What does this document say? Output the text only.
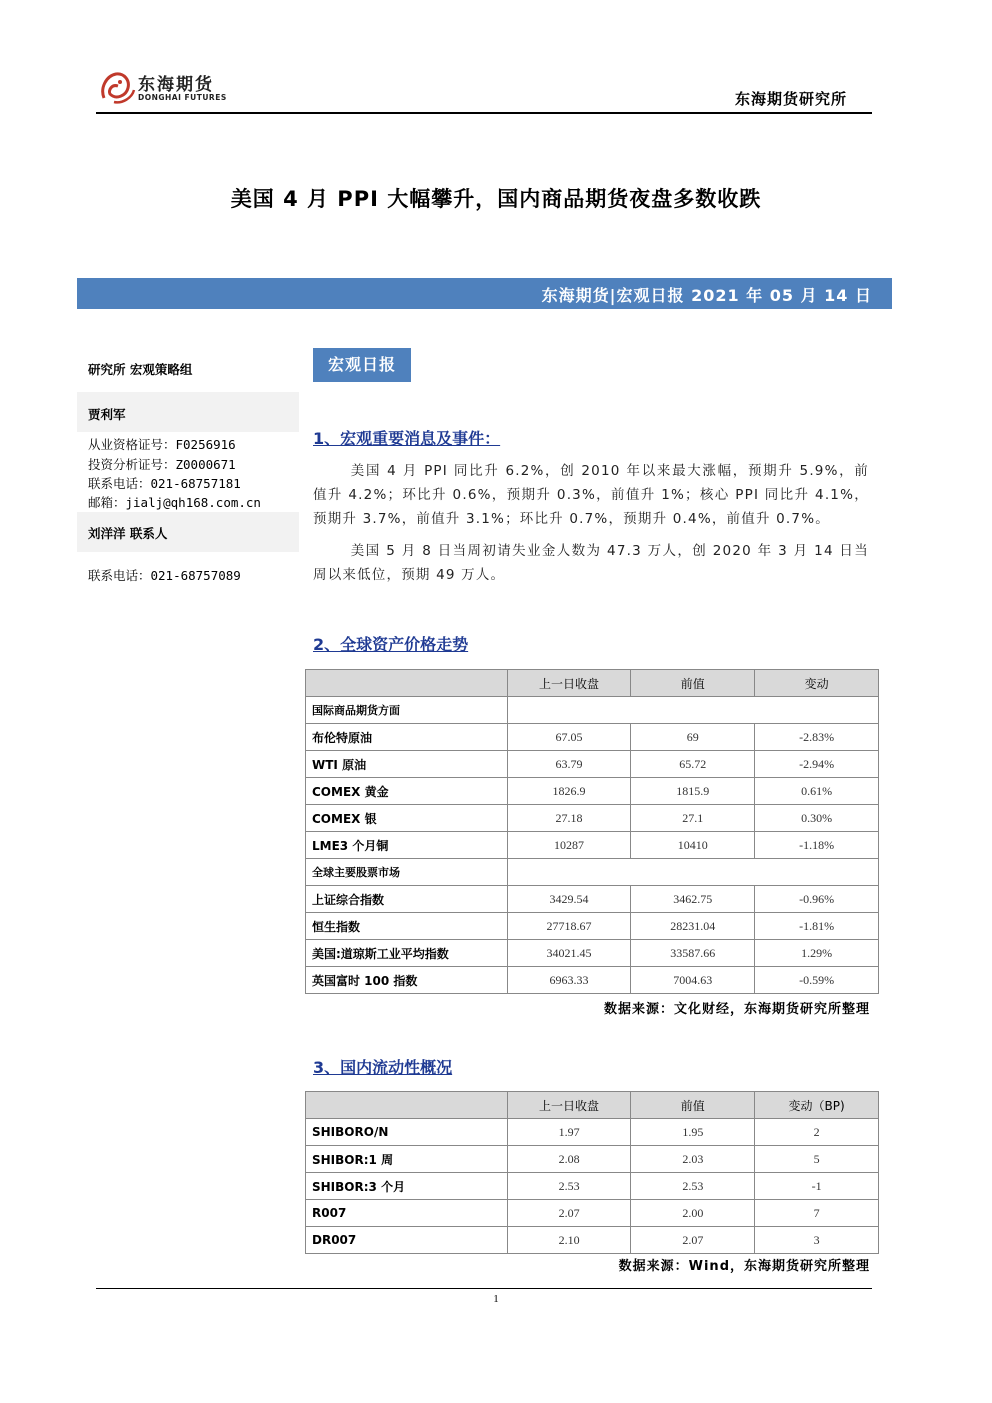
东海期货
DONGHAI FUTURES	东海期货研究所
美国 4 月 PPI 大幅攀升，国内商品期货夜盘多数收跌
东海期货|宏观日报 2021 年 05 月 14 日
研究所 宏观策略组
贾利军
从业资格证号：F0256916
投资分析证号：Z0000671
联系电话：021-68757181
邮箱：jialj@qh168.com.cn
刘洋洋 联系人
联系电话：021-68757089
宏观日报
1、宏观重要消息及事件：

美国 4 月 PPI 同比升 6.2%，创 2010 年以来最大涨幅，预期升 5.9%，前值升 4.2%；环比升 0.6%，预期升 0.3%，前值升 1%；核心 PPI 同比升 4.1%，预期升 3.7%，前值升 3.1%；环比升 0.7%，预期升 0.4%，前值升 0.7%。

美国 5 月 8 日当周初请失业金人数为 47.3 万人，创 2020 年 3 月 14 日当周以来低位，预期 49 万人。

2、全球资产价格走势
	上一日收盘	前值	变动
国际商品期货方面			
布伦特原油	67.05	69	-2.83%
WTI 原油	63.79	65.72	-2.94%
COMEX 黄金	1826.9	1815.9	0.61%
COMEX 银	27.18	27.1	0.30%
LME3 个月铜	10287	10410	-1.18%
全球主要股票市场			
上证综合指数	3429.54	3462.75	-0.96%
恒生指数	27718.67	28231.04	-1.81%
美国:道琼斯工业平均指数	34021.45	33587.66	1.29%
英国富时 100 指数	6963.33	7004.63	-0.59%
数据来源：文化财经，东海期货研究所整理
3、国内流动性概况
	上一日收盘	前值	变动（BP)
SHIBORO/N	1.97	1.95	2
SHIBOR:1 周	2.08	2.03	5
SHIBOR:3 个月	2.53	2.53	-1
R007	2.07	2.00	7
DR007	2.10	2.07	3
数据来源：Wind，东海期货研究所整理
1
